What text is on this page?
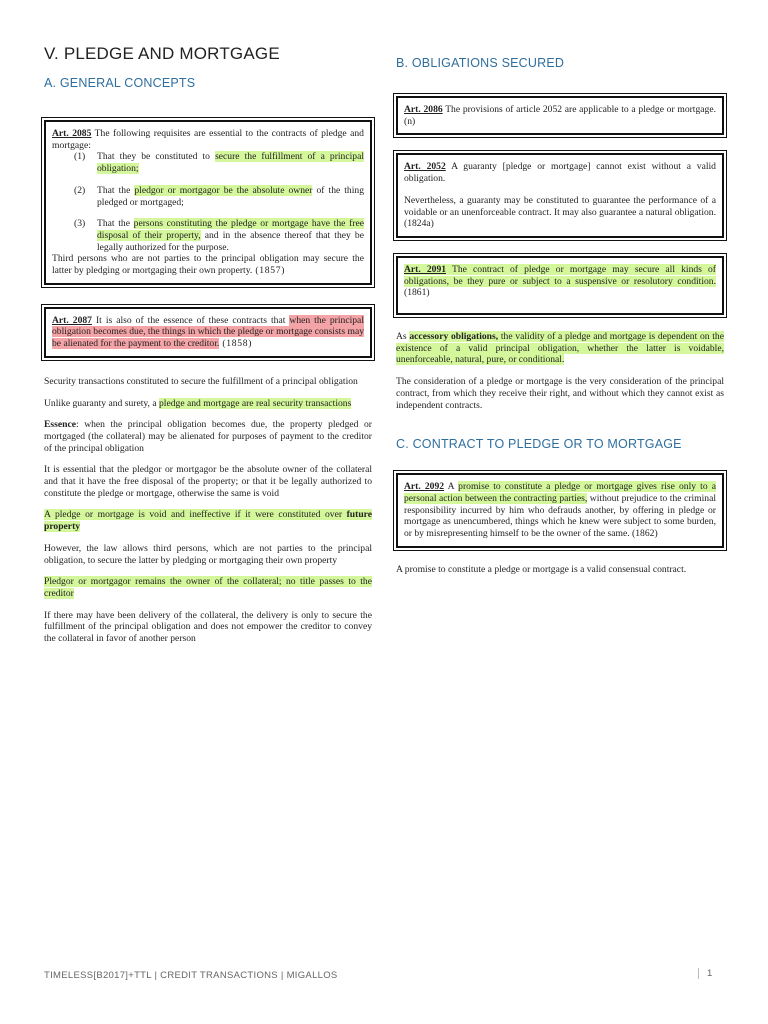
V. PLEDGE AND MORTGAGE
A. GENERAL CONCEPTS

Art. 2085 The following requisites are essential to the contracts of pledge and mortgage:

(1)	That they be constituted to secure the fulfillment of a principal obligation;
(2)	That the pledgor or mortgagor be the absolute owner of the thing pledged or mortgaged;
(3)	That the persons constituting the pledge or mortgage have the free disposal of their property, and in the absence thereof that they be legally authorized for the purpose.

Third persons who are not parties to the principal obligation may secure the latter by pledging or mortgaging their own property. (1857)

Art. 2087 It is also of the essence of these contracts that when the principal obligation becomes due, the things in which the pledge or mortgage consists may be alienated for the payment to the creditor. (1858)

Security transactions constituted to secure the fulfillment of a principal obligation

Unlike guaranty and surety, a pledge and mortgage are real security transactions

Essence: when the principal obligation becomes due, the property pledged or mortgaged (the collateral) may be alienated for purposes of payment to the creditor of the principal obligation

It is essential that the pledgor or mortgagor be the absolute owner of the collateral and that it have the free disposal of the property; or that it be legally authorized to constitute the pledge or mortgage, otherwise the same is void

A pledge or mortgage is void and ineffective if it were constituted over future property

However, the law allows third persons, which are not parties to the principal obligation, to secure the latter by pledging or mortgaging their own property

Pledgor or mortgagor remains the owner of the collateral; no title passes to the creditor

If there may have been delivery of the collateral, the delivery is only to secure the fulfillment of the principal obligation and does not empower the creditor to convey the collateral in favor of another person

B. OBLIGATIONS SECURED

Art. 2086 The provisions of article 2052 are applicable to a pledge or mortgage. (n)

Art. 2052 A guaranty [pledge or mortgage] cannot exist without a valid obligation.

Nevertheless, a guaranty may be constituted to guarantee the performance of a voidable or an unenforceable contract. It may also guarantee a natural obligation. (1824a)

Art. 2091 The contract of pledge or mortgage may secure all kinds of obligations, be they pure or subject to a suspensive or resolutory condition. (1861)

As accessory obligations, the validity of a pledge and mortgage is dependent on the existence of a valid principal obligation, whether the latter is voidable, unenforceable, natural, pure, or conditional.

The consideration of a pledge or mortgage is the very consideration of the principal contract, from which they receive their right, and without which they cannot exist as independent contracts.

C. CONTRACT TO PLEDGE OR TO MORTGAGE

Art. 2092 A promise to constitute a pledge or mortgage gives rise only to a personal action between the contracting parties, without prejudice to the criminal responsibility incurred by him who defrauds another, by offering in pledge or mortgage as unencumbered, things which he knew were subject to some burden, or by misrepresenting himself to be the owner of the same. (1862)

A promise to constitute a pledge or mortgage is a valid consensual contract.

TIMELESS[B2017]+TTL | CREDIT TRANSACTIONS | MIGALLOS	1
